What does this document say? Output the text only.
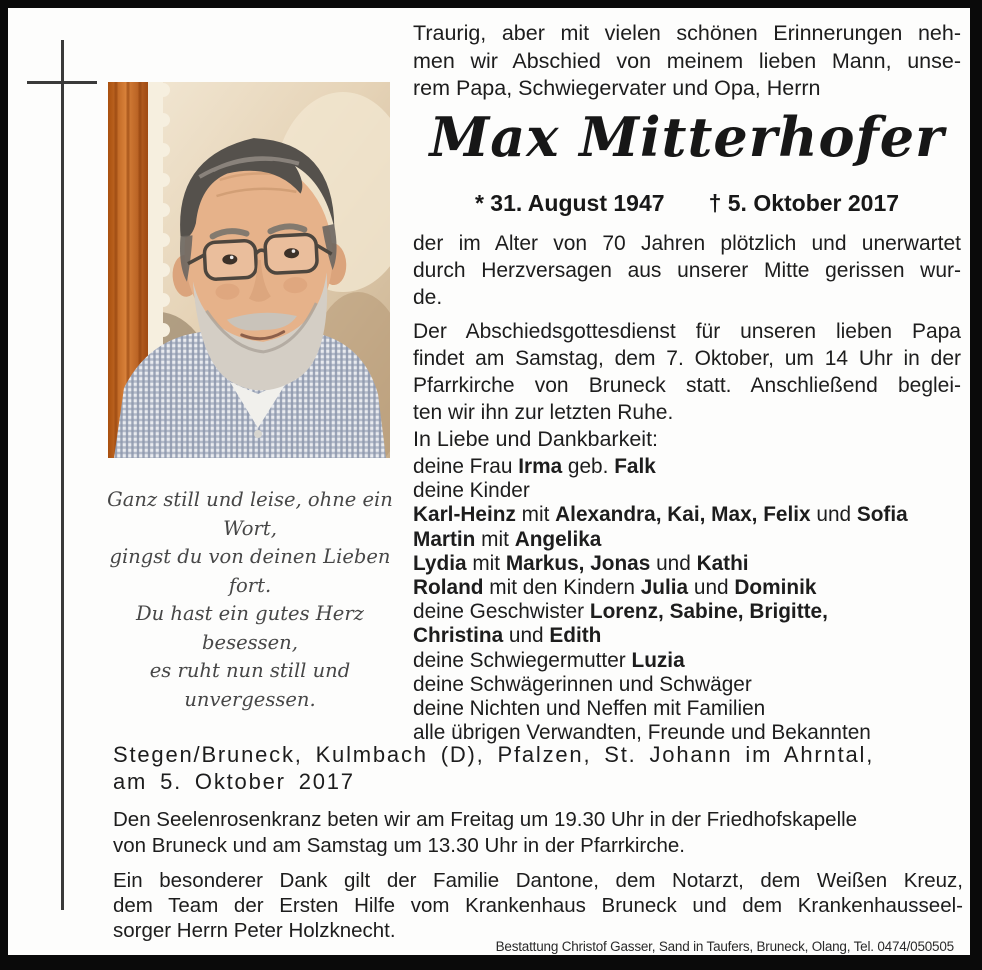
Ganz still und leise, ohne ein Wort,
gingst du von deinen Lieben fort.
Du hast ein gutes Herz besessen,
es ruht nun still und unvergessen.
Traurig, aber mit vielen schönen Erinnerungen neh-
men wir Abschied von meinem lieben Mann, unse-
rem Papa, Schwiegervater und Opa, Herrn
Max Mitterhofer
* 31. August 1947 † 5. Oktober 2017
der im Alter von 70 Jahren plötzlich und unerwartet
durch Herzversagen aus unserer Mitte gerissen wur-
de.
Der Abschiedsgottesdienst für unseren lieben Papa
findet am Samstag, dem 7. Oktober, um 14 Uhr in der
Pfarrkirche von Bruneck statt. Anschließend beglei-
ten wir ihn zur letzten Ruhe.
In Liebe und Dankbarkeit:
deine Frau Irma geb. Falk
deine Kinder
Karl-Heinz mit Alexandra, Kai, Max, Felix und Sofia
Martin mit Angelika
Lydia mit Markus, Jonas und Kathi
Roland mit den Kindern Julia und Dominik
deine Geschwister Lorenz, Sabine, Brigitte,
Christina und Edith
deine Schwiegermutter Luzia
deine Schwägerinnen und Schwäger
deine Nichten und Neffen mit Familien
alle übrigen Verwandten, Freunde und Bekannten
Stegen/Bruneck, Kulmbach (D), Pfalzen, St. Johann im Ahrntal,
am 5. Oktober 2017
Den Seelenrosenkranz beten wir am Freitag um 19.30 Uhr in der Friedhofskapelle
von Bruneck und am Samstag um 13.30 Uhr in der Pfarrkirche.
Ein besonderer Dank gilt der Familie Dantone, dem Notarzt, dem Weißen Kreuz,
dem Team der Ersten Hilfe vom Krankenhaus Bruneck und dem Krankenhausseel-
sorger Herrn Peter Holzknecht.
Bestattung Christof Gasser, Sand in Taufers, Bruneck, Olang, Tel. 0474/050505
